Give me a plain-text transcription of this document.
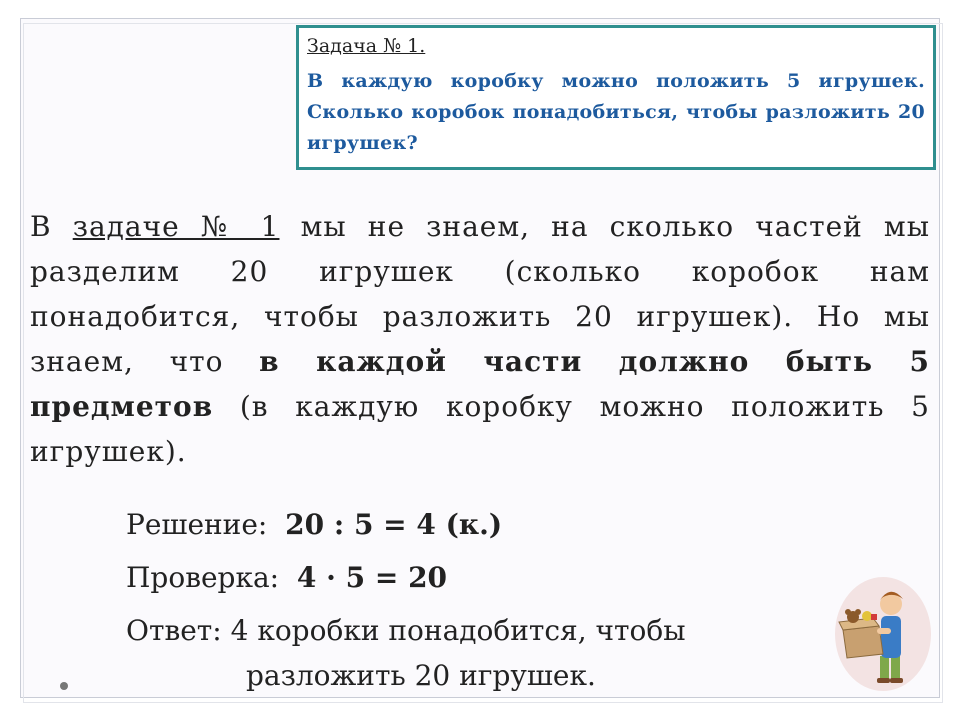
Задача № 1.
В каждую коробку можно положить 5 игрушек. Сколько коробок понадобиться, чтобы разложить 20 игрушек?
В задаче № 1 мы не знаем, на сколько частей мы разделим 20 игрушек (сколько коробок нам понадобится, чтобы разложить 20 игрушек). Но мы знаем, что в каждой части должно быть 5 предметов (в каждую коробку можно положить 5 игрушек).
Решение: 20 : 5 = 4 (к.)
Проверка: 4 · 5 = 20
Ответ: 4 коробки понадобится, чтобы
разложить 20 игрушек.
